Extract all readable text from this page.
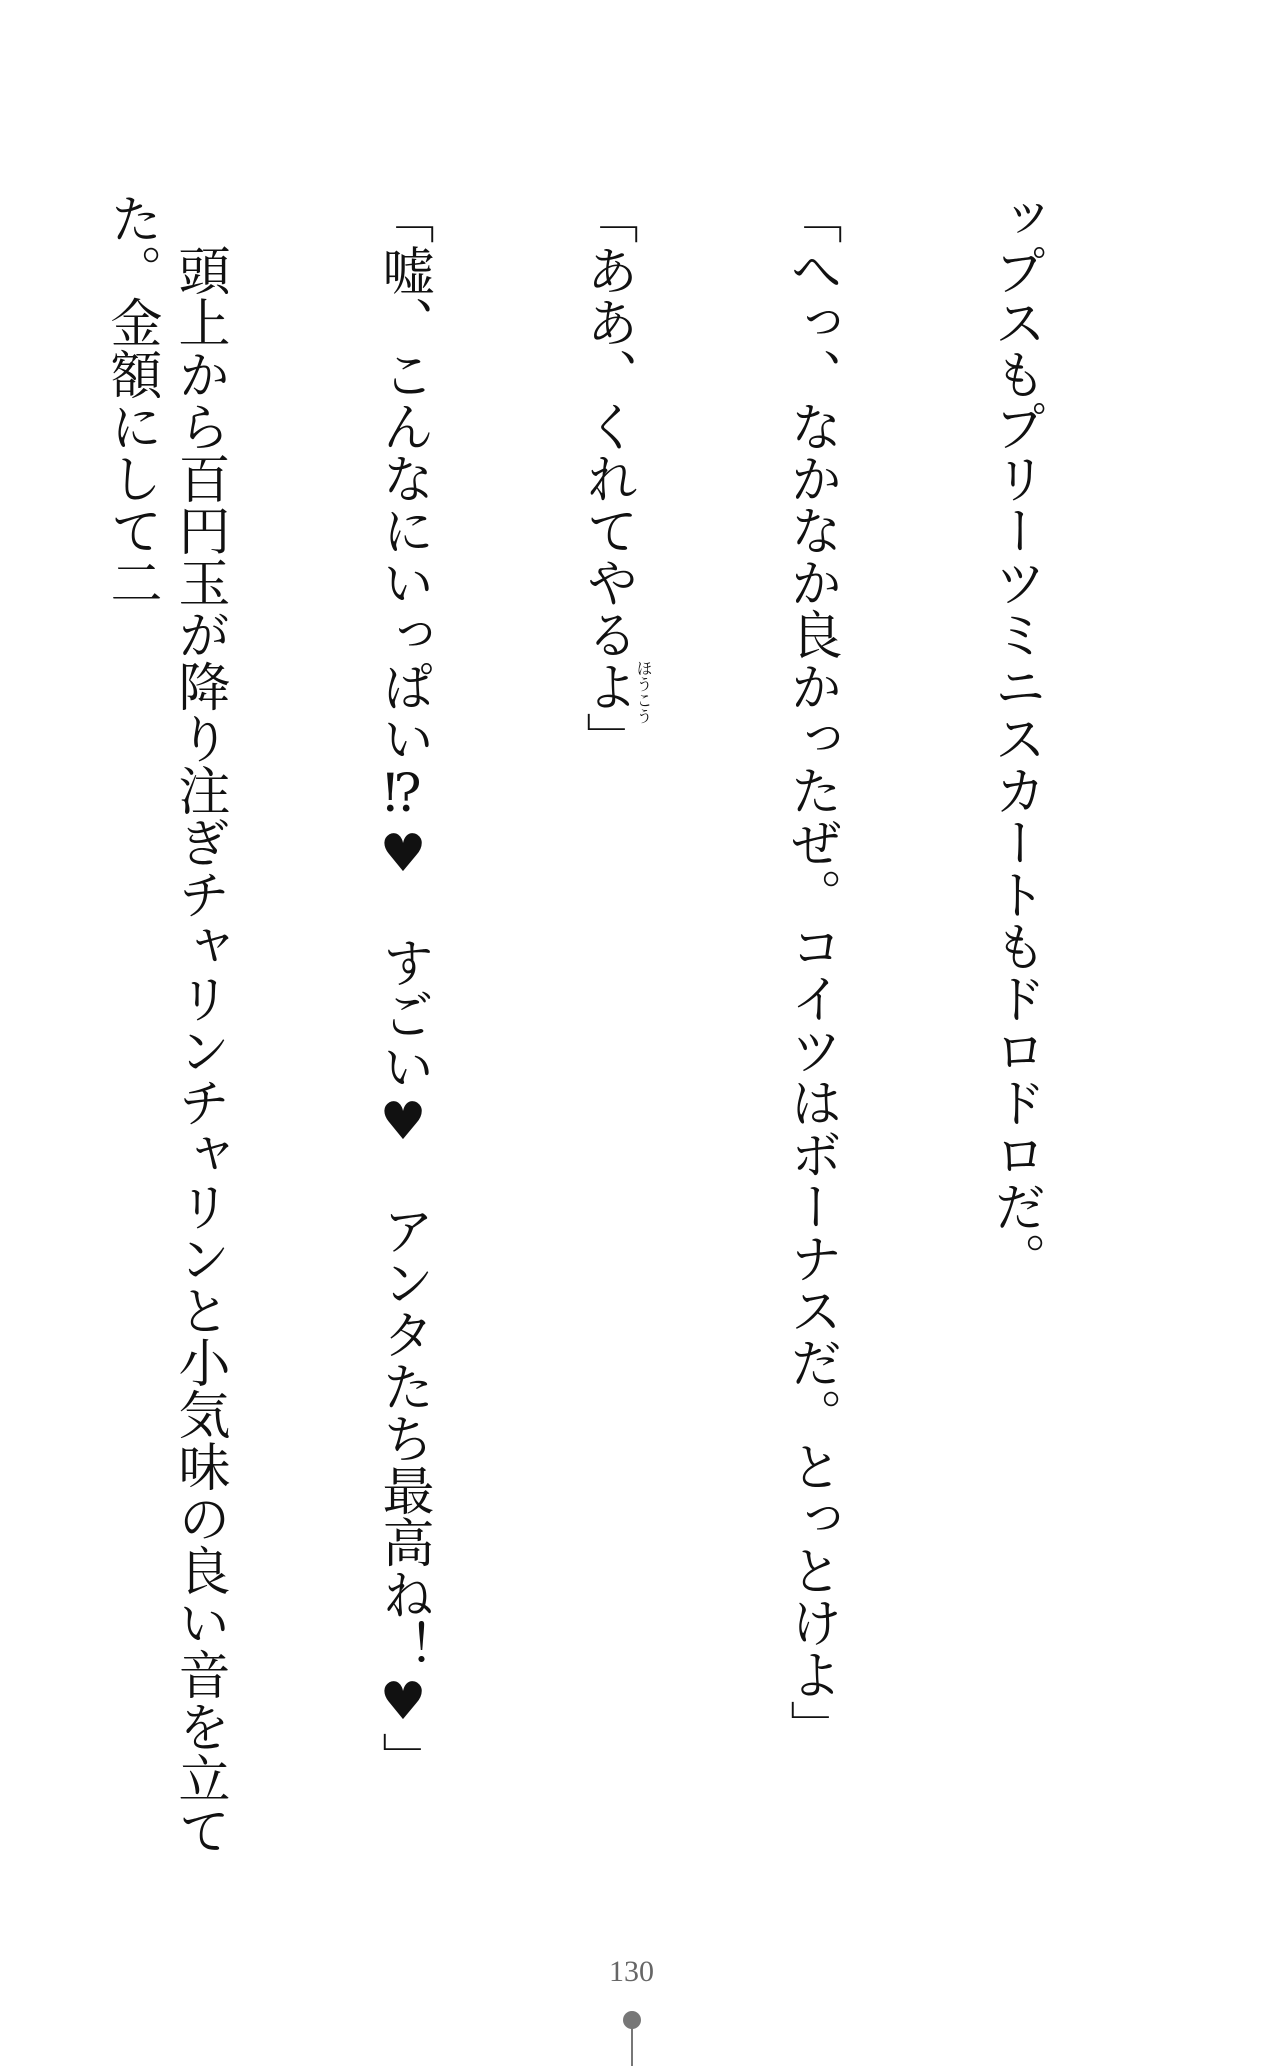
ップスもプリーツミニスカートもドロドロだ。

「へっ、なかなか良かったぜ。コイツはボーナスだ。とっとけよ」

「ああ、くれてやるよ」

「嘘、こんなにいっぱい⁉♥　すごい♥　アンタたち最高ね！♥」

　頭上から百円玉が降り注ぎチャリンチャリンと小気味の良い音を立てた。金額にして二

ほうこう
130
